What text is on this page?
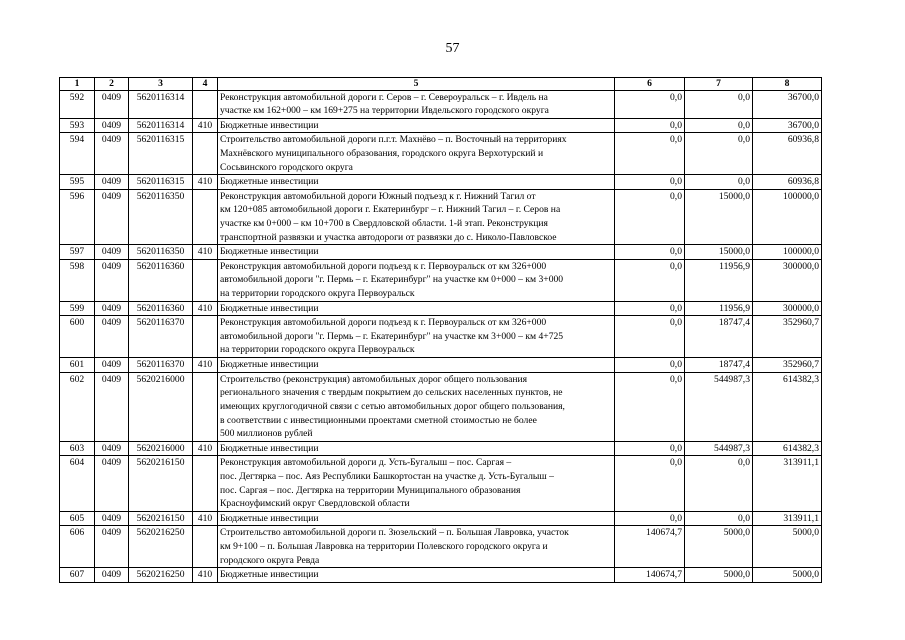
57
1	2	3	4	5	6	7	8
592	0409	5620116314		Реконструкция автомобильной дороги г. Серов – г. Североуральск – г. Ивдель на
участке км 162+000 – км 169+275 на территории Ивдельского городского округа	0,0	0,0	36700,0
593	0409	5620116314	410	Бюджетные инвестиции	0,0	0,0	36700,0
594	0409	5620116315		Строительство автомобильной дороги п.г.т. Махнёво – п. Восточный на территориях
Махнёвского муниципального образования, городского округа Верхотурский и
Сосьвинского городского округа	0,0	0,0	60936,8
595	0409	5620116315	410	Бюджетные инвестиции	0,0	0,0	60936,8
596	0409	5620116350		Реконструкция автомобильной дороги Южный подъезд к г. Нижний Тагил от
км 120+085 автомобильной дороги г. Екатеринбург – г. Нижний Тагил – г. Серов на
участке км 0+000 – км 10+700 в Свердловской области. 1-й этап. Реконструкция
транспортной развязки и участка автодороги от развязки до с. Николо-Павловское	0,0	15000,0	100000,0
597	0409	5620116350	410	Бюджетные инвестиции	0,0	15000,0	100000,0
598	0409	5620116360		Реконструкция автомобильной дороги подъезд к г. Первоуральск от км 326+000
автомобильной дороги "г. Пермь – г. Екатеринбург" на участке км 0+000 – км 3+000
на территории городского округа Первоуральск	0,0	11956,9	300000,0
599	0409	5620116360	410	Бюджетные инвестиции	0,0	11956,9	300000,0
600	0409	5620116370		Реконструкция автомобильной дороги подъезд к г. Первоуральск от км 326+000
автомобильной дороги "г. Пермь – г. Екатеринбург" на участке км 3+000 – км 4+725
на территории городского округа Первоуральск	0,0	18747,4	352960,7
601	0409	5620116370	410	Бюджетные инвестиции	0,0	18747,4	352960,7
602	0409	5620216000		Строительство (реконструкция) автомобильных дорог общего пользования
регионального значения с твердым покрытием до сельских населенных пунктов, не
имеющих круглогодичной связи с сетью автомобильных дорог общего пользования,
в соответствии с инвестиционными проектами сметной стоимостью не более
500 миллионов рублей	0,0	544987,3	614382,3
603	0409	5620216000	410	Бюджетные инвестиции	0,0	544987,3	614382,3
604	0409	5620216150		Реконструкция автомобильной дороги д. Усть-Бугалыш – пос. Саргая –
пос. Дегтярка – пос. Аяз Республики Башкортостан на участке д. Усть-Бугалыш –
пос. Саргая – пос. Дегтярка на территории Муниципального образования
Красноуфимский округ Свердловской области	0,0	0,0	313911,1
605	0409	5620216150	410	Бюджетные инвестиции	0,0	0,0	313911,1
606	0409	5620216250		Строительство автомобильной дороги п. Зюзельский – п. Большая Лавровка, участок
км 9+100 – п. Большая Лавровка на территории Полевского городского округа и
городского округа Ревда	140674,7	5000,0	5000,0
607	0409	5620216250	410	Бюджетные инвестиции	140674,7	5000,0	5000,0
